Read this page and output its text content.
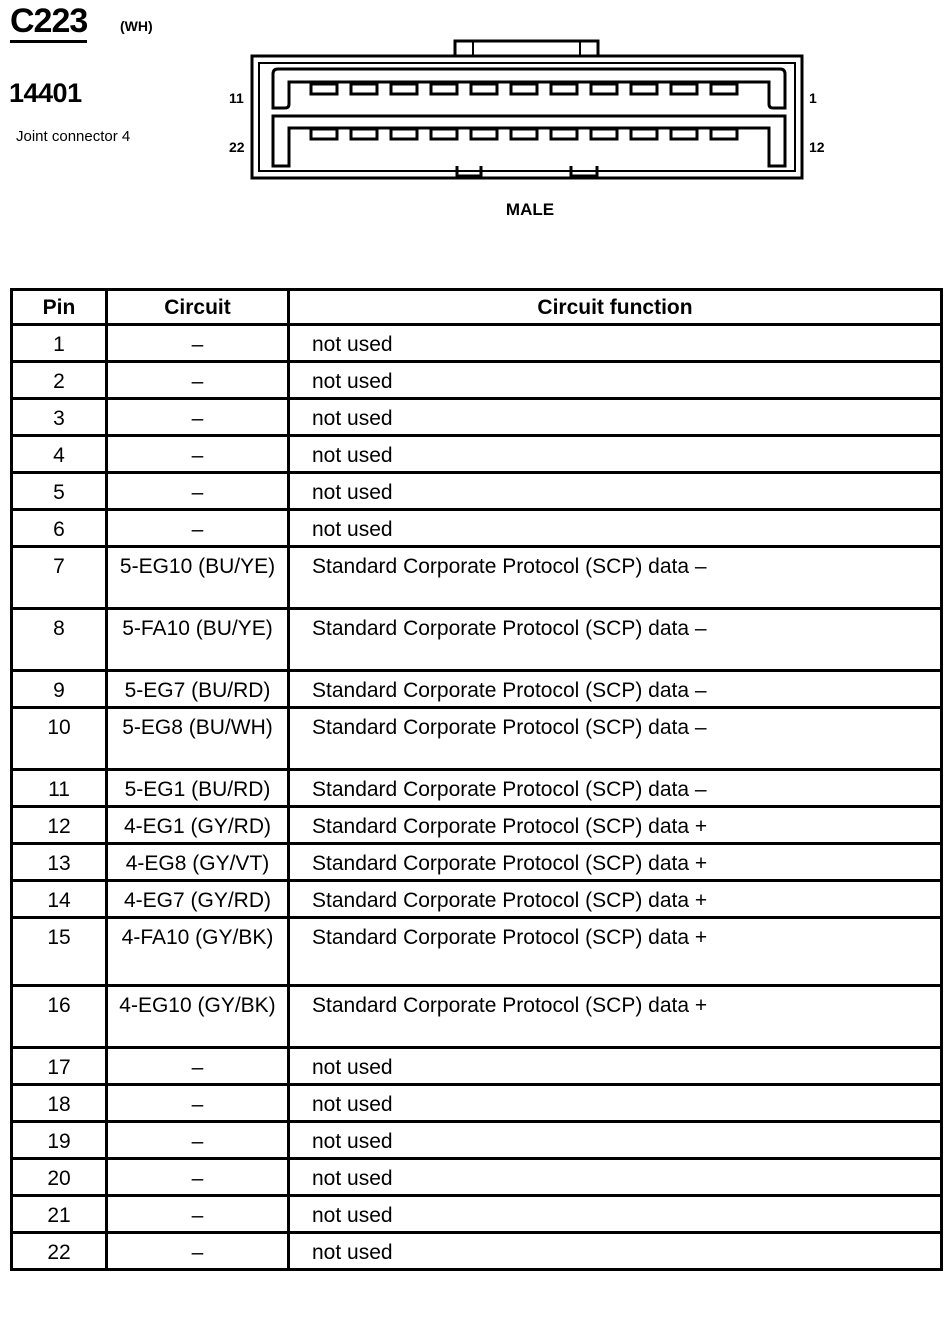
C223 (WH)
14401
Joint connector 4
11	1
22	12
MALE
Pin	Circuit	Circuit function
1	–	not used
2	–	not used
3	–	not used
4	–	not used
5	–	not used
6	–	not used
7	5-EG10 (BU/YE)	Standard Corporate Protocol (SCP) data –
8	5-FA10 (BU/YE)	Standard Corporate Protocol (SCP) data –
9	5-EG7 (BU/RD)	Standard Corporate Protocol (SCP) data –
10	5-EG8 (BU/WH)	Standard Corporate Protocol (SCP) data –
11	5-EG1 (BU/RD)	Standard Corporate Protocol (SCP) data –
12	4-EG1 (GY/RD)	Standard Corporate Protocol (SCP) data +
13	4-EG8 (GY/VT)	Standard Corporate Protocol (SCP) data +
14	4-EG7 (GY/RD)	Standard Corporate Protocol (SCP) data +
15	4-FA10 (GY/BK)	Standard Corporate Protocol (SCP) data +
16	4-EG10 (GY/BK)	Standard Corporate Protocol (SCP) data +
17	–	not used
18	–	not used
19	–	not used
20	–	not used
21	–	not used
22	–	not used
